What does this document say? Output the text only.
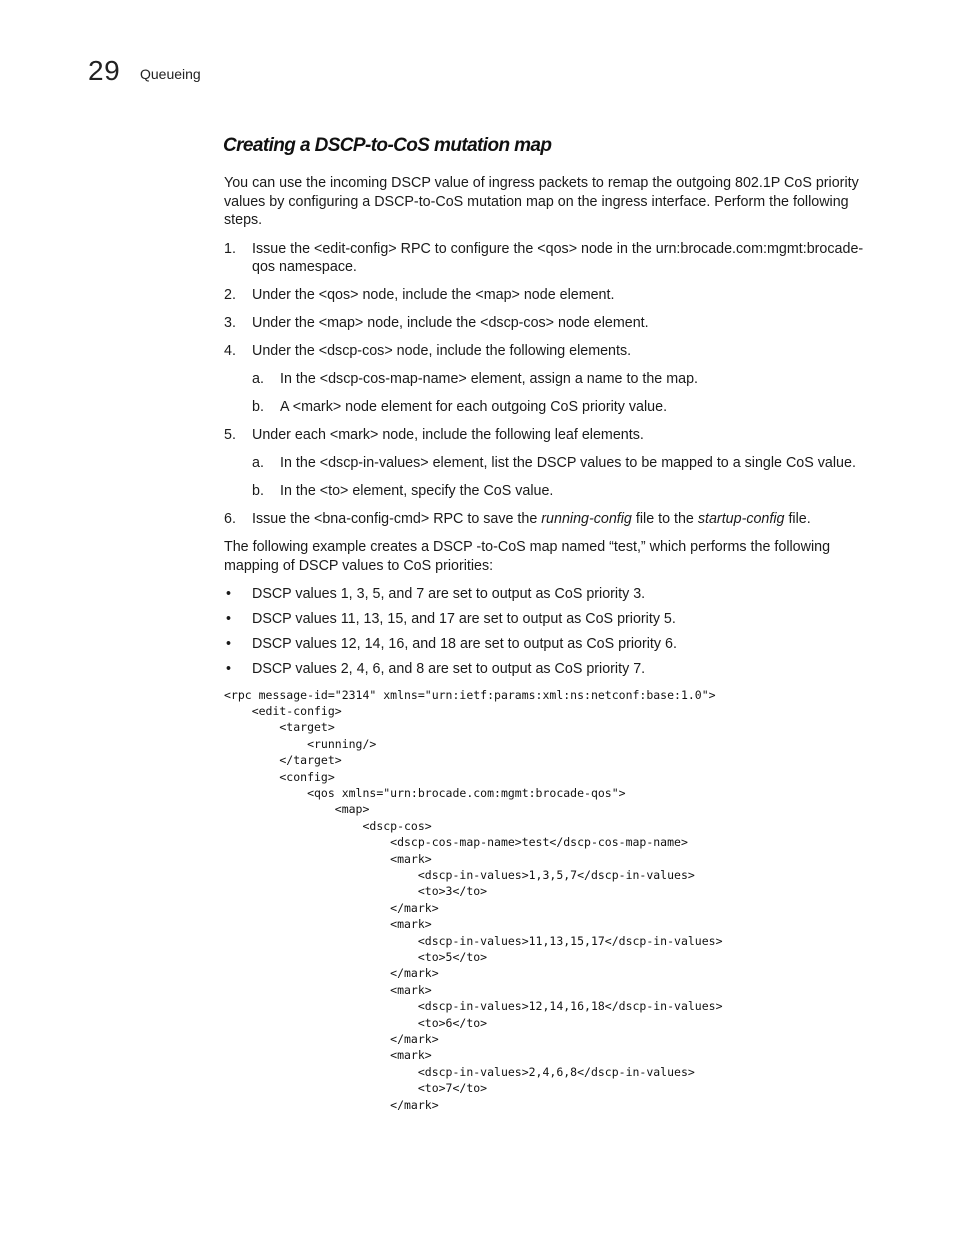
29 Queueing
Creating a DSCP-to-CoS mutation map

You can use the incoming DSCP value of ingress packets to remap the outgoing 802.1P CoS priority values by configuring a DSCP-to-CoS mutation map on the ingress interface. Perform the following steps.

1. Issue the <edit-config> RPC to configure the <qos> node in the urn:brocade.com:mgmt:brocade-qos namespace.
2. Under the <qos> node, include the <map> node element.
3. Under the <map> node, include the <dscp-cos> node element.
4. Under the <dscp-cos> node, include the following elements.
a. In the <dscp-cos-map-name> element, assign a name to the map.
b. A <mark> node element for each outgoing CoS priority value.
5. Under each <mark> node, include the following leaf elements.
a. In the <dscp-in-values> element, list the DSCP values to be mapped to a single CoS value.
b. In the <to> element, specify the CoS value.
6. Issue the <bna-config-cmd> RPC to save the running-config file to the startup-config file.

The following example creates a DSCP -to-CoS map named “test,” which performs the following mapping of DSCP values to CoS priorities:

• DSCP values 1, 3, 5, and 7 are set to output as CoS priority 3.
• DSCP values 11, 13, 15, and 17 are set to output as CoS priority 5.
• DSCP values 12, 14, 16, and 18 are set to output as CoS priority 6.
• DSCP values 2, 4, 6, and 8 are set to output as CoS priority 7.
<rpc message-id="2314" xmlns="urn:ietf:params:xml:ns:netconf:base:1.0">
<edit-config>
<target>
<running/>
</target>
<config>
<qos xmlns="urn:brocade.com:mgmt:brocade-qos">
<map>
<dscp-cos>
<dscp-cos-map-name>test</dscp-cos-map-name>
<mark>
<dscp-in-values>1,3,5,7</dscp-in-values>
<to>3</to>
</mark>
<mark>
<dscp-in-values>11,13,15,17</dscp-in-values>
<to>5</to>
</mark>
<mark>
<dscp-in-values>12,14,16,18</dscp-in-values>
<to>6</to>
</mark>
<mark>
<dscp-in-values>2,4,6,8</dscp-in-values>
<to>7</to>
</mark>
